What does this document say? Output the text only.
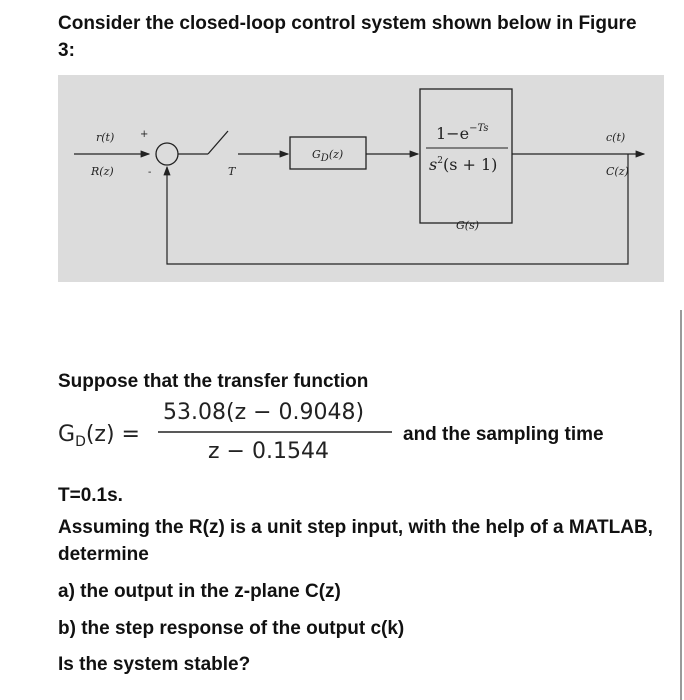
Consider the closed-loop control system shown below in Figure 3:

r(t)
R(z)
+
-	T
GD(z)
$1-e^{-Ts}$
$s^2(s + 1)$
G(s)
c(t)
C(z)

Suppose that the transfer function

$G_D(z)$ =
53.08(z − 0.9048)
z − 0.1544
and the sampling time

T=0.1s.

Assuming the R(z) is a unit step input, with the help of a MATLAB, determine

a) the output in the z-plane C(z)

b) the step response of the output c(k)

Is the system stable?
